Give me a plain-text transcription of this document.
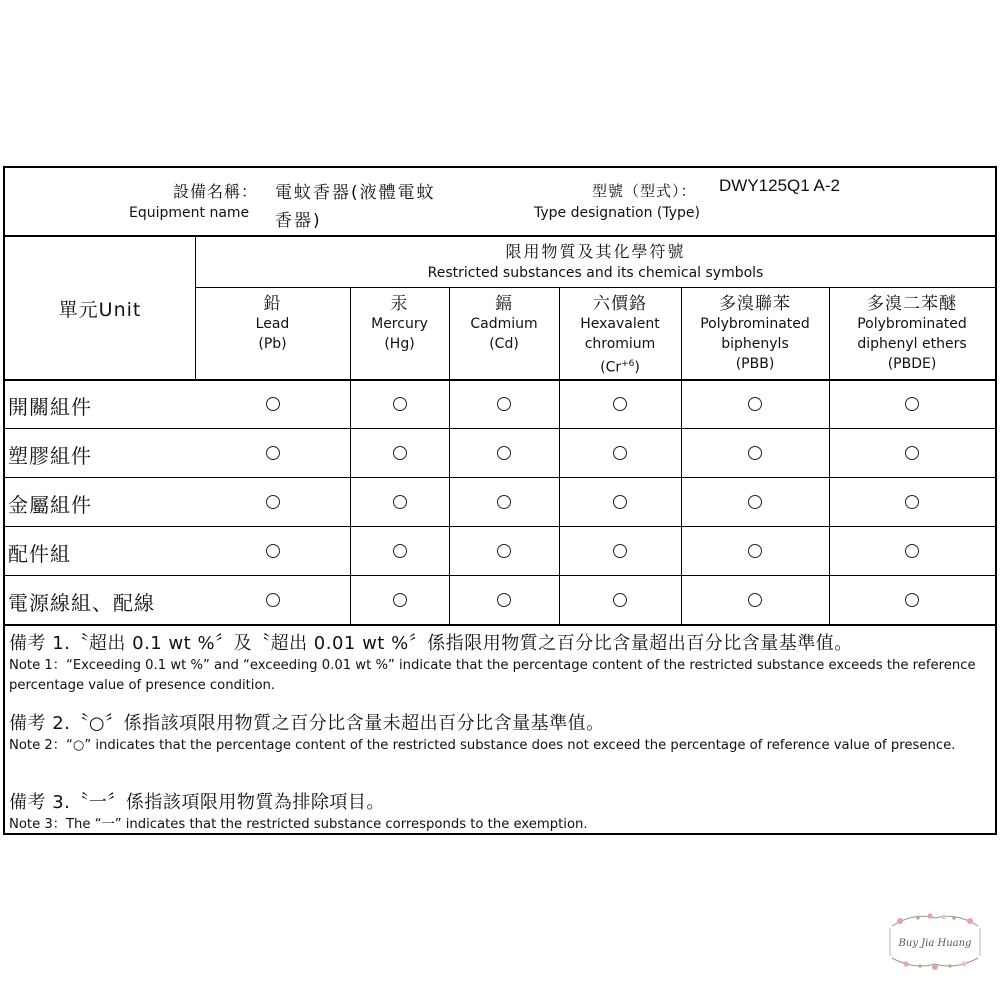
設備名稱： 電蚊香器(液體電蚊
香器)
Equipment name
型號（型式）： DWY125Q1 A-2
Type designation (Type)
單元Unit
限用物質及其化學符號
Restricted substances and its chemical symbols
鉛
Lead
(Pb)
汞
Mercury
(Hg)
鎘
Cadmium
(Cd)
六價鉻
Hexavalent
chromium
$(Cr^{+6})$
多溴聯苯
Polybrominated
biphenyls
(PBB)
多溴二苯醚
Polybrominated
diphenyl ethers
(PBDE)
開關組件
塑膠組件
金屬組件
配件組
電源線組、配線
備考 1.〝超出 0.1 wt %〞及〝超出 0.01 wt %〞係指限用物質之百分比含量超出百分比含量基準值。
Note 1：“Exceeding 0.1 wt %” and “exceeding 0.01 wt %” indicate that the percentage content of the restricted substance exceeds the reference percentage value of presence condition.
備考 2.〝○〞係指該項限用物質之百分比含量未超出百分比含量基準值。
Note 2：“○” indicates that the percentage content of the restricted substance does not exceed the percentage of reference value of presence.
備考 3.〝一〞係指該項限用物質為排除項目。
Note 3：The “一” indicates that the restricted substance corresponds to the exemption.
Buy Jia Huang
